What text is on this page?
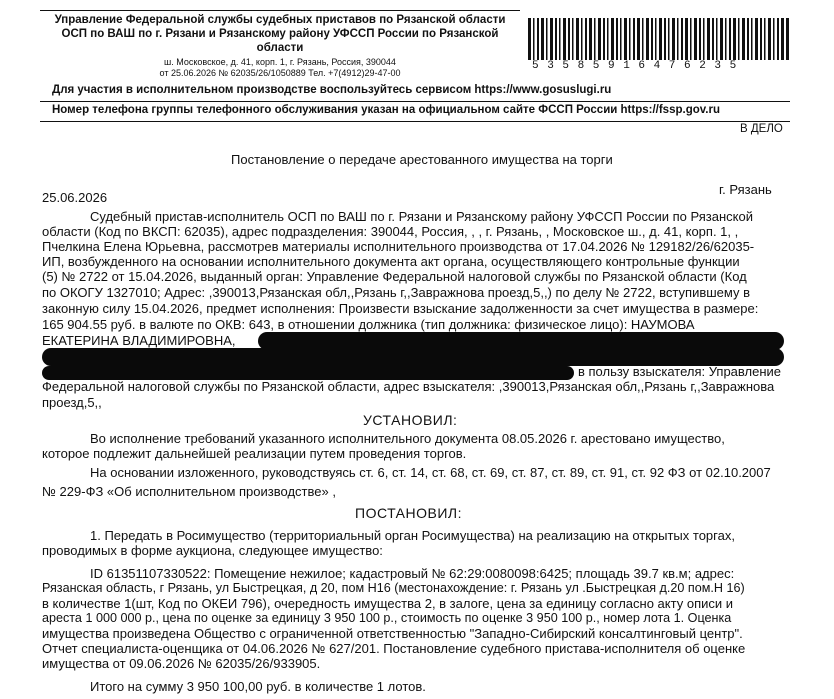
Управление Федеральной службы судебных приставов по Рязанской области
ОСП по ВАШ по г. Рязани и Рязанскому району УФССП России по Рязанской
области
ш. Московское, д. 41, корп. 1, г. Рязань, Россия, 390044
от 25.06.2026 № 62035/26/1050889 Тел. +7(4912)29-47-00
53585916476235
Для участия в исполнительном производстве воспользуйтесь сервисом https://www.gosuslugi.ru
Номер телефона группы телефонного обслуживания указан на официальном сайте ФССП России https://fssp.gov.ru
В ДЕЛО
Постановление о передаче арестованного имущества на торги
25.06.2026
г. Рязань
Судебный пристав-исполнитель ОСП по ВАШ по г. Рязани и Рязанскому району УФССП России по Рязанской
области (Код по ВКСП: 62035), адрес подразделения: 390044, Россия, , , г. Рязань, , Московское ш., д. 41, корп. 1, ,
Пчелкина Елена Юрьевна, рассмотрев материалы исполнительного производства от 17.04.2026 № 129182/26/62035-
ИП, возбужденного на основании исполнительного документа акт органа, осуществляющего контрольные функции
(5) № 2722 от 15.04.2026, выданный орган: Управление Федеральной налоговой службы по Рязанской области (Код
по ОКОГУ 1327010; Адрес: ,390013,Рязанская обл,,Рязань г,,Завражнова проезд,5,,) по делу № 2722, вступившему в
законную силу 15.04.2026, предмет исполнения: Произвести взыскание задолженности за счет имущества в размере:
165 904.55 руб. в валюте по ОКВ: 643, в отношении должника (тип должника: физическое лицо): НАУМОВА
ЕКАТЕРИНА ВЛАДИМИРОВНА,
в пользу взыскателя: Управление
Федеральной налоговой службы по Рязанской области, адрес взыскателя: ,390013,Рязанская обл,,Рязань г,,Завражнова
проезд,5,,
УСТАНОВИЛ:
Во исполнение требований указанного исполнительного документа 08.05.2026 г. арестовано имущество,
которое подлежит дальнейшей реализации путем проведения торгов.
На основании изложенного, руководствуясь ст. 6, ст. 14, ст. 68, ст. 69, ст. 87, ст. 89, ст. 91, ст. 92 ФЗ от 02.10.2007
№ 229-ФЗ «Об исполнительном производстве» ,
ПОСТАНОВИЛ:
1. Передать в Росимущество (территориальный орган Росимущества) на реализацию на открытых торгах,
проводимых в форме аукциона, следующее имущество:
ID 61351107330522: Помещение нежилое; кадастровый № 62:29:0080098:6425; площадь 39.7 кв.м; адрес:
Рязанская область, г Рязань, ул Быстрецкая, д 20, пом Н16 (местонахождение: г. Рязань ул .Быстрецкая д.20 пом.Н 16)
в количестве 1(шт, Код по ОКЕИ 796), очередность имущества 2, в залоге, цена за единицу согласно акту описи и
ареста 1 000 000 р., цена по оценке за единицу 3 950 100 р., стоимость по оценке 3 950 100 р., номер лота 1. Оценка
имущества произведена Общество с ограниченной ответственностью "Западно-Сибирский консалтинговый центр".
Отчет специалиста-оценщика от 04.06.2026 № 627/201. Постановление судебного пристава-исполнителя об оценке
имущества от 09.06.2026 № 62035/26/933905.
Итого на сумму 3 950 100,00 руб. в количестве 1 лотов.
